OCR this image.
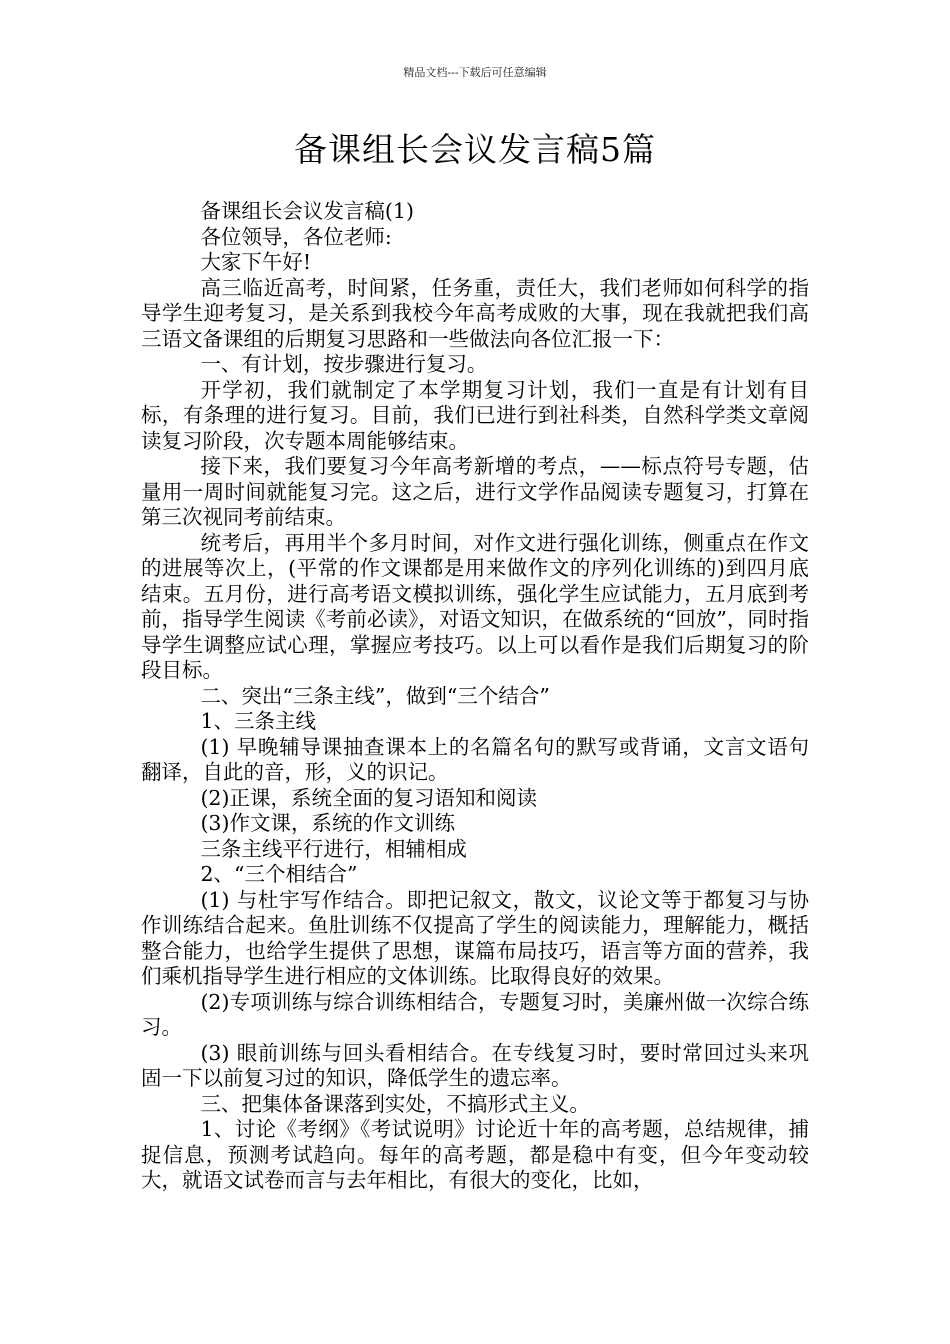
精品文档---下载后可任意编辑
备课组长会议发言稿5篇

备课组长会议发言稿(1)

各位领导，各位老师:

大家下午好!

高三临近高考，时间紧，任务重，责任大，我们老师如何科学的指导学生迎考复习，是关系到我校今年高考成败的大事，现在我就把我们高三语文备课组的后期复习思路和一些做法向各位汇报一下：

一、有计划，按步骤进行复习。

开学初，我们就制定了本学期复习计划，我们一直是有计划有目标，有条理的进行复习。目前，我们已进行到社科类，自然科学类文章阅读复习阶段，次专题本周能够结束。

接下来，我们要复习今年高考新增的考点，——标点符号专题，估量用一周时间就能复习完。这之后，进行文学作品阅读专题复习，打算在第三次视同考前结束。

统考后，再用半个多月时间，对作文进行强化训练，侧重点在作文的进展等次上，(平常的作文课都是用来做作文的序列化训练的)到四月底结束。五月份，进行高考语文模拟训练，强化学生应试能力，五月底到考前，指导学生阅读《考前必读》，对语文知识，在做系统的“回放”，同时指导学生调整应试心理，掌握应考技巧。以上可以看作是我们后期复习的阶段目标。

二、突出“三条主线”，做到“三个结合”

1、三条主线

(1) 早晚辅导课抽查课本上的名篇名句的默写或背诵，文言文语句翻译，自此的音，形，义的识记。

(2)正课，系统全面的复习语知和阅读

(3)作文课，系统的作文训练

三条主线平行进行，相辅相成

2、“三个相结合”

(1) 与杜宇写作结合。即把记叙文，散文，议论文等于都复习与协作训练结合起来。鱼肚训练不仅提高了学生的阅读能力，理解能力，概括整合能力，也给学生提供了思想，谋篇布局技巧，语言等方面的营养，我们乘机指导学生进行相应的文体训练。比取得良好的效果。

(2)专项训练与综合训练相结合，专题复习时，美廉州做一次综合练习。

(3) 眼前训练与回头看相结合。在专线复习时，要时常回过头来巩固一下以前复习过的知识，降低学生的遗忘率。

三、把集体备课落到实处，不搞形式主义。

1、讨论《考纲》《考试说明》讨论近十年的高考题，总结规律，捕捉信息，预测考试趋向。每年的高考题，都是稳中有变，但今年变动较大，就语文试卷而言与去年相比，有很大的变化，比如，
